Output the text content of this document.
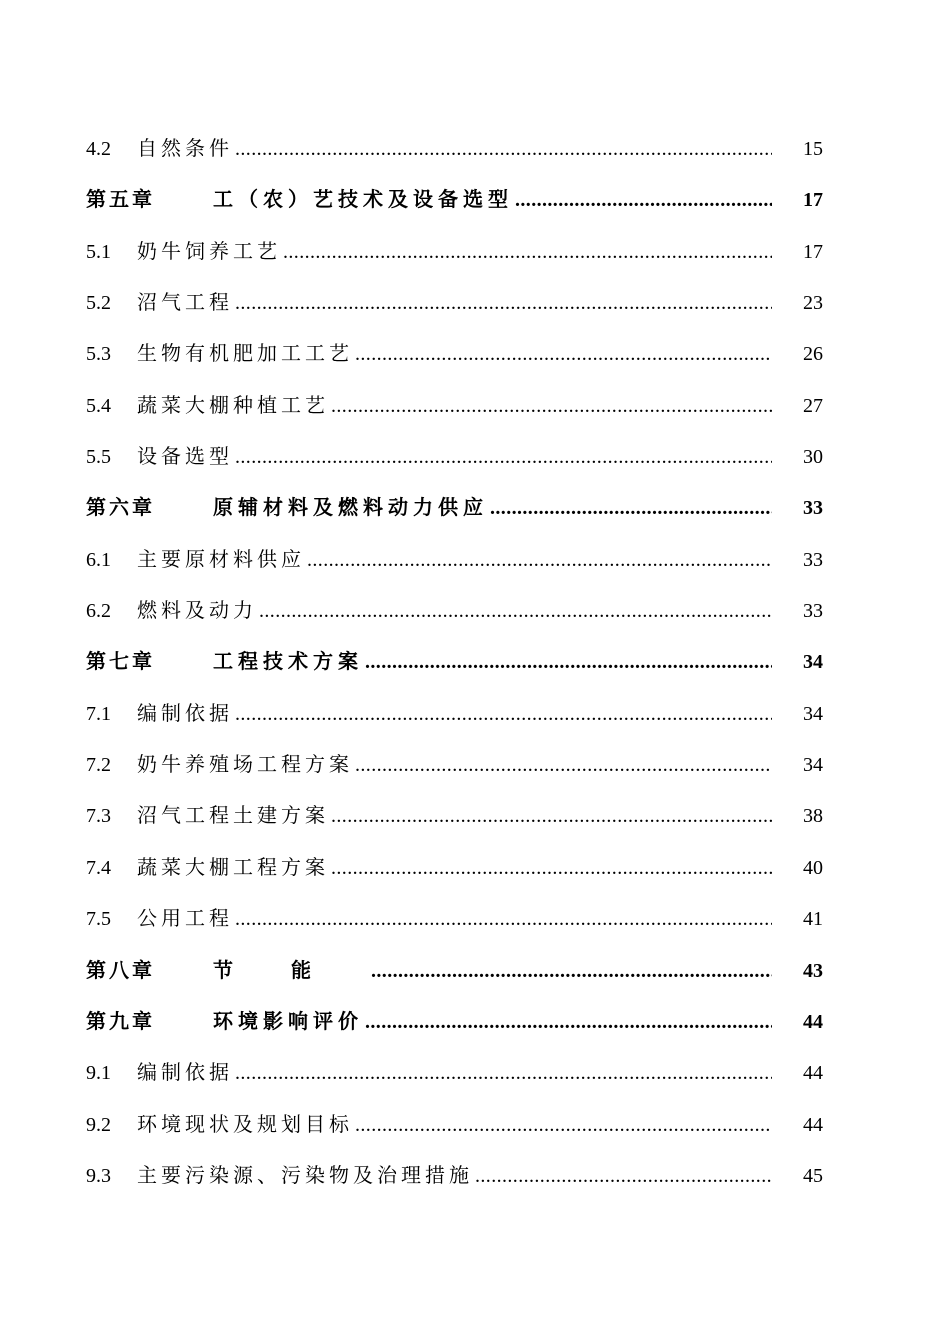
4.2	自然条件 .....	15
第五章	工（农）艺技术及设备选型 .....	17
5.1	奶牛饲养工艺 .....	17
5.2	沼气工程 .....	23
5.3	生物有机肥加工工艺 .....	26
5.4	蔬菜大棚种植工艺 .....	27
5.5	设备选型 .....	30
第六章	原辅材料及燃料动力供应 .....	33
6.1	主要原材料供应 .....	33
6.2	燃料及动力 .....	33
第七章	工程技术方案 .....	34
7.1	编制依据 .....	34
7.2	奶牛养殖场工程方案 .....	34
7.3	沼气工程土建方案 .....	38
7.4	蔬菜大棚工程方案 .....	40
7.5	公用工程 .....	41
第八章	节能 .....	43
第九章	环境影响评价 .....	44
9.1	编制依据 .....	44
9.2	环境现状及规划目标 .....	44
9.3	主要污染源、污染物及治理措施 .....	45
